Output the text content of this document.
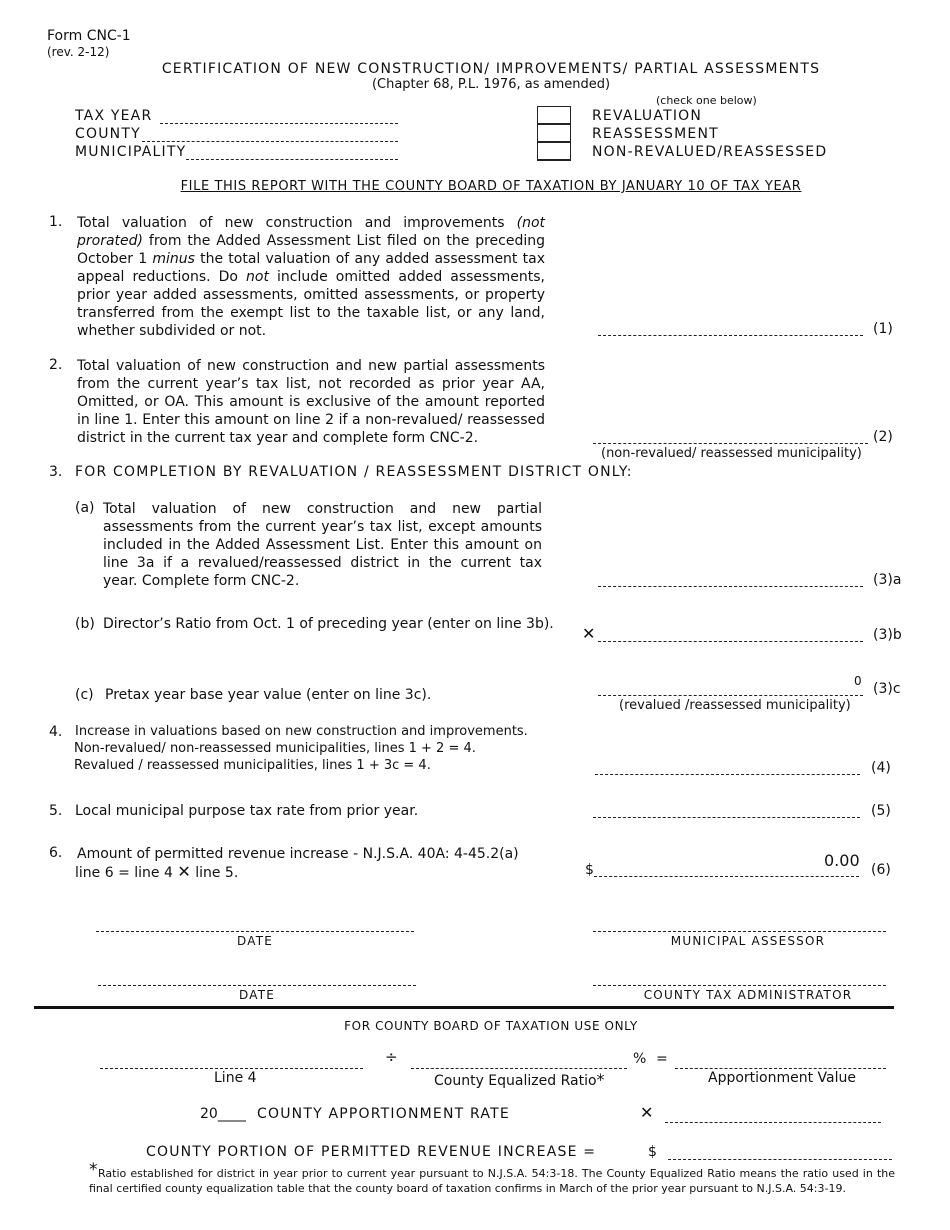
Form CNC-1
(rev. 2-12)
CERTIFICATION OF NEW CONSTRUCTION/ IMPROVEMENTS/ PARTIAL ASSESSMENTS
(Chapter 68, P.L. 1976, as amended)
(check one below)
TAX YEAR
COUNTY
MUNICIPALITY
REVALUATION
REASSESSMENT
NON-REVALUED/REASSESSED
FILE THIS REPORT WITH THE COUNTY BOARD OF TAXATION BY JANUARY 10 OF TAX YEAR
1. Total valuation of new construction and improvements (not prorated) from the Added Assessment List filed on the preceding October 1 minus the total valuation of any added assessment tax appeal reductions. Do not include omitted added assessments, prior year added assessments, omitted assessments, or property transferred from the exempt list to the taxable list, or any land, whether subdivided or not.	(1)
2. Total valuation of new construction and new partial assessments from the current year’s tax list, not recorded as prior year AA, Omitted, or OA. This amount is exclusive of the amount reported in line 1. Enter this amount on line 2 if a non-revalued/ reassessed district in the current tax year and complete form CNC-2.	(2)
(non-revalued/ reassessed municipality)
3. FOR COMPLETION BY REVALUATION / REASSESSMENT DISTRICT ONLY:
(a) Total valuation of new construction and new partial assessments from the current year’s tax list, except amounts included in the Added Assessment List. Enter this amount on line 3a if a revalued/reassessed district in the current tax year. Complete form CNC-2.	(3)a
(b) Director’s Ratio from Oct. 1 of preceding year (enter on line 3b). ✕	(3)b
(c) Pretax year base year value (enter on line 3c).
0 (3)c
(revalued /reassessed municipality)
4. Increase in valuations based on new construction and improvements.
Non-revalued/ non-reassessed municipalities, lines 1 + 2 = 4.
Revalued / reassessed municipalities, lines 1 + 3c = 4.	(4)
5. Local municipal purpose tax rate from prior year.	(5)
6. Amount of permitted revenue increase - N.J.S.A. 40A: 4-45.2(a)
line 6 = line 4 ✕ line 5.	$	0.00 (6)
DATE	MUNICIPAL ASSESSOR
DATE	COUNTY TAX ADMINISTRATOR
FOR COUNTY BOARD OF TAXATION USE ONLY
÷	% =
Line 4	County Equalized Ratio*	Apportionment Value
20____ COUNTY APPORTIONMENT RATE	✕
COUNTY PORTION OF PERMITTED REVENUE INCREASE =	$
* Ratio established for district in year prior to current year pursuant to N.J.S.A. 54:3-18. The County Equalized Ratio means the ratio used in the final certified county equalization table that the county board of taxation confirms in March of the prior year pursuant to N.J.S.A. 54:3-19.
